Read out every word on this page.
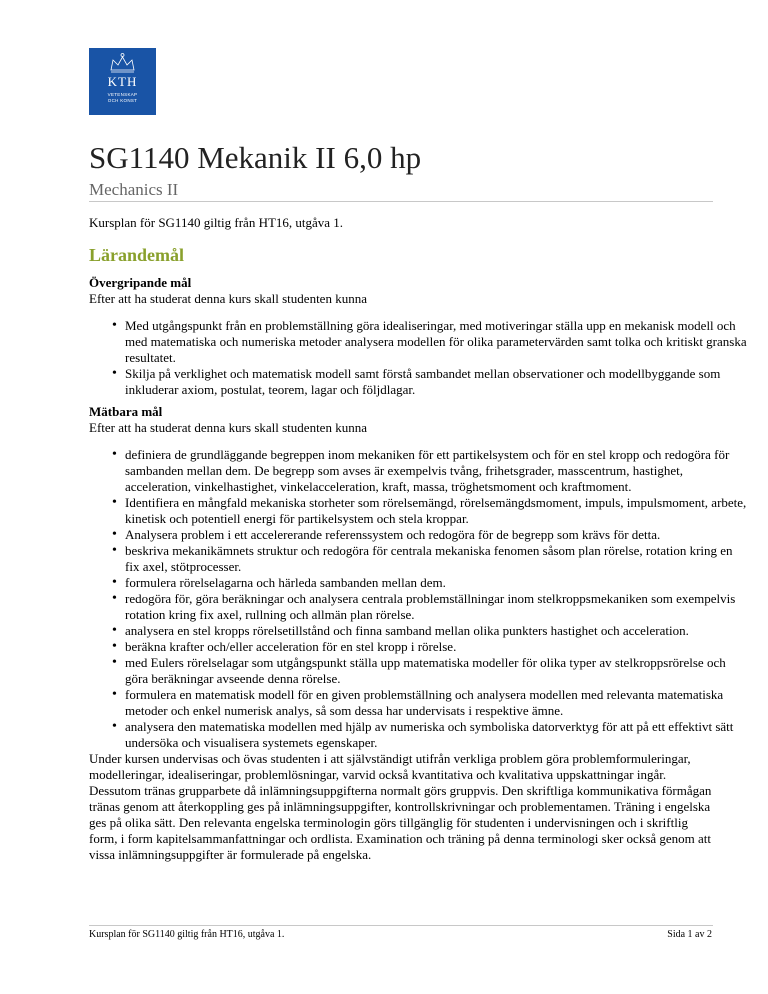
KTH
VETENSKAP
OCH KONST
SG1140 Mekanik II 6,0 hp
Mechanics II
Kursplan för SG1140 giltig från HT16, utgåva 1.
Lärandemål
Övergripande mål
Efter att ha studerat denna kurs skall studenten kunna
• Med utgångspunkt från en problemställning göra idealiseringar, med motiveringar ställa upp en mekanisk modell och med matematiska och numeriska metoder analysera modellen för olika parametervärden samt tolka och kritiskt granska resultatet.
• Skilja på verklighet och matematisk modell samt förstå sambandet mellan observationer och modellbyggande som inkluderar axiom, postulat, teorem, lagar och följdlagar.
Mätbara mål
Efter att ha studerat denna kurs skall studenten kunna
• definiera de grundläggande begreppen inom mekaniken för ett partikelsystem och för en stel kropp och redogöra för sambanden mellan dem. De begrepp som avses är exempelvis tvång, frihetsgrader, masscentrum, hastighet, acceleration, vinkelhastighet, vinkelacceleration, kraft, massa, tröghetsmoment och kraftmoment.
• Identifiera en mångfald mekaniska storheter som rörelsemängd, rörelsemängdsmoment, impuls, impulsmoment, arbete, kinetisk och potentiell energi för partikelsystem och stela kroppar.
• Analysera problem i ett accelererande referenssystem och redogöra för de begrepp som krävs för detta.
• beskriva mekanikämnets struktur och redogöra för centrala mekaniska fenomen såsom plan rörelse, rotation kring en fix axel, stötprocesser.
• formulera rörelselagarna och härleda sambanden mellan dem.
• redogöra för, göra beräkningar och analysera centrala problemställningar inom stelkroppsmekaniken som exempelvis rotation kring fix axel, rullning och allmän plan rörelse.
• analysera en stel kropps rörelsetillstånd och finna samband mellan olika punkters hastighet och acceleration.
• beräkna krafter och/eller acceleration för en stel kropp i rörelse.
• med Eulers rörelselagar som utgångspunkt ställa upp matematiska modeller för olika typer av stelkroppsrörelse och göra beräkningar avseende denna rörelse.
• formulera en matematisk modell för en given problemställning och analysera modellen med relevanta matematiska metoder och enkel numerisk analys, så som dessa har undervisats i respektive ämne.
• analysera den matematiska modellen med hjälp av numeriska och symboliska datorverktyg för att på ett effektivt sätt undersöka och visualisera systemets egenskaper.
Under kursen undervisas och övas studenten i att självständigt utifrån verkliga problem göra problemformuleringar, modelleringar, idealiseringar, problemlösningar, varvid också kvantitativa och kvalitativa uppskattningar ingår. Dessutom tränas grupparbete då inlämningsuppgifterna normalt görs gruppvis. Den skriftliga kommunikativa förmågan tränas genom att återkoppling ges på inlämningsuppgifter, kontrollskrivningar och problementamen. Träning i engelska ges på olika sätt. Den relevanta engelska terminologin görs tillgänglig för studenten i undervisningen och i skriftlig form, i form kapitelsammanfattningar och ordlista. Examination och träning på denna terminologi sker också genom att vissa inlämningsuppgifter är formulerade på engelska.
Kursplan för SG1140 giltig från HT16, utgåva 1.	Sida 1 av 2
